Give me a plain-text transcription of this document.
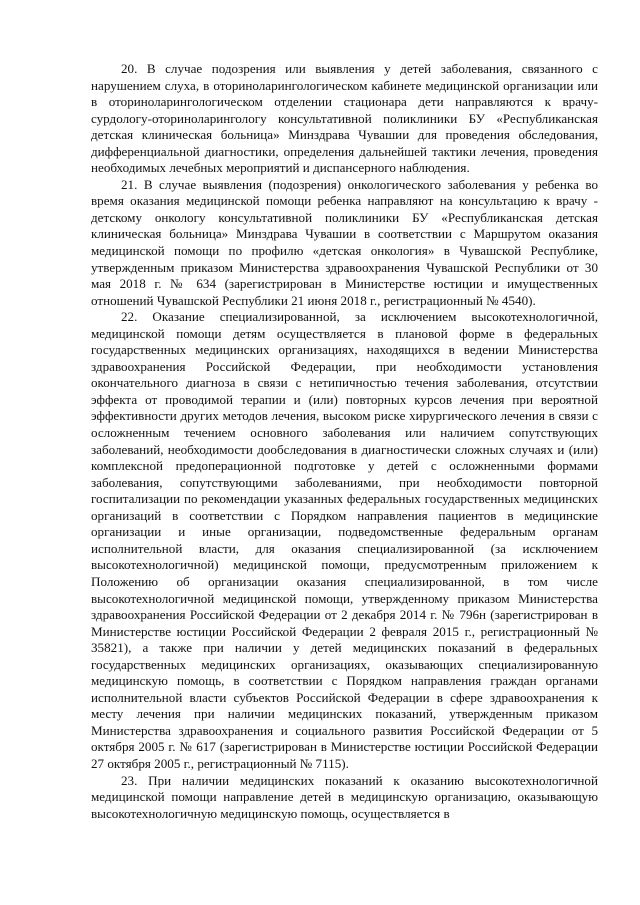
20. В случае подозрения или выявления у детей заболевания, связанного с нарушением слуха, в оториноларингологическом кабинете медицинской организации или в оториноларингологическом отделении стационара дети направляются к врачу-сурдологу-оториноларингологу консультативной поликлиники БУ «Республиканская детская клиническая больница» Минздрава Чувашии для проведения обследования, дифференциальной диагностики, определения дальнейшей тактики лечения, проведения необходимых лечебных мероприятий и диспансерного наблюдения.

21. В случае выявления (подозрения) онкологического заболевания у ребенка во время оказания медицинской помощи ребенка направляют на консультацию к врачу - детскому онкологу консультативной поликлиники БУ «Республиканская детская клиническая больница» Минздрава Чувашии в соответствии с Маршрутом оказания медицинской помощи по профилю «детская онкология» в Чувашской Республике, утвержденным приказом Министерства здравоохранения Чувашской Республики от 30 мая 2018 г. № 634 (зарегистрирован в Министерстве юстиции и имущественных отношений Чувашской Республики 21 июня 2018 г., регистрационный № 4540).

22. Оказание специализированной, за исключением высокотехнологичной, медицинской помощи детям осуществляется в плановой форме в федеральных государственных медицинских организациях, находящихся в ведении Министерства здравоохранения Российской Федерации, при необходимости установления окончательного диагноза в связи с нетипичностью течения заболевания, отсутствии эффекта от проводимой терапии и (или) повторных курсов лечения при вероятной эффективности других методов лечения, высоком риске хирургического лечения в связи с осложненным течением основного заболевания или наличием сопутствующих заболеваний, необходимости дообследования в диагностически сложных случаях и (или) комплексной предоперационной подготовке у детей с осложненными формами заболевания, сопутствующими заболеваниями, при необходимости повторной госпитализации по рекомендации указанных федеральных государственных медицинских организаций в соответствии с Порядком направления пациентов в медицинские организации и иные организации, подведомственные федеральным органам исполнительной власти, для оказания специализированной (за исключением высокотехнологичной) медицинской помощи, предусмотренным приложением к Положению об организации оказания специализированной, в том числе высокотехнологичной медицинской помощи, утвержденному приказом Министерства здравоохранения Российской Федерации от 2 декабря 2014 г. № 796н (зарегистрирован в Министерстве юстиции Российской Федерации 2 февраля 2015 г., регистрационный № 35821), а также при наличии у детей медицинских показаний в федеральных государственных медицинских организациях, оказывающих специализированную медицинскую помощь, в соответствии с Порядком направления граждан органами исполнительной власти субъектов Российской Федерации в сфере здравоохранения к месту лечения при наличии медицинских показаний, утвержденным приказом Министерства здравоохранения и социального развития Российской Федерации от 5 октября 2005 г. № 617 (зарегистрирован в Министерстве юстиции Российской Федерации 27 октября 2005 г., регистрационный № 7115).

23. При наличии медицинских показаний к оказанию высокотехнологичной медицинской помощи направление детей в медицинскую организацию, оказывающую высокотехнологичную медицинскую помощь, осуществляется в
